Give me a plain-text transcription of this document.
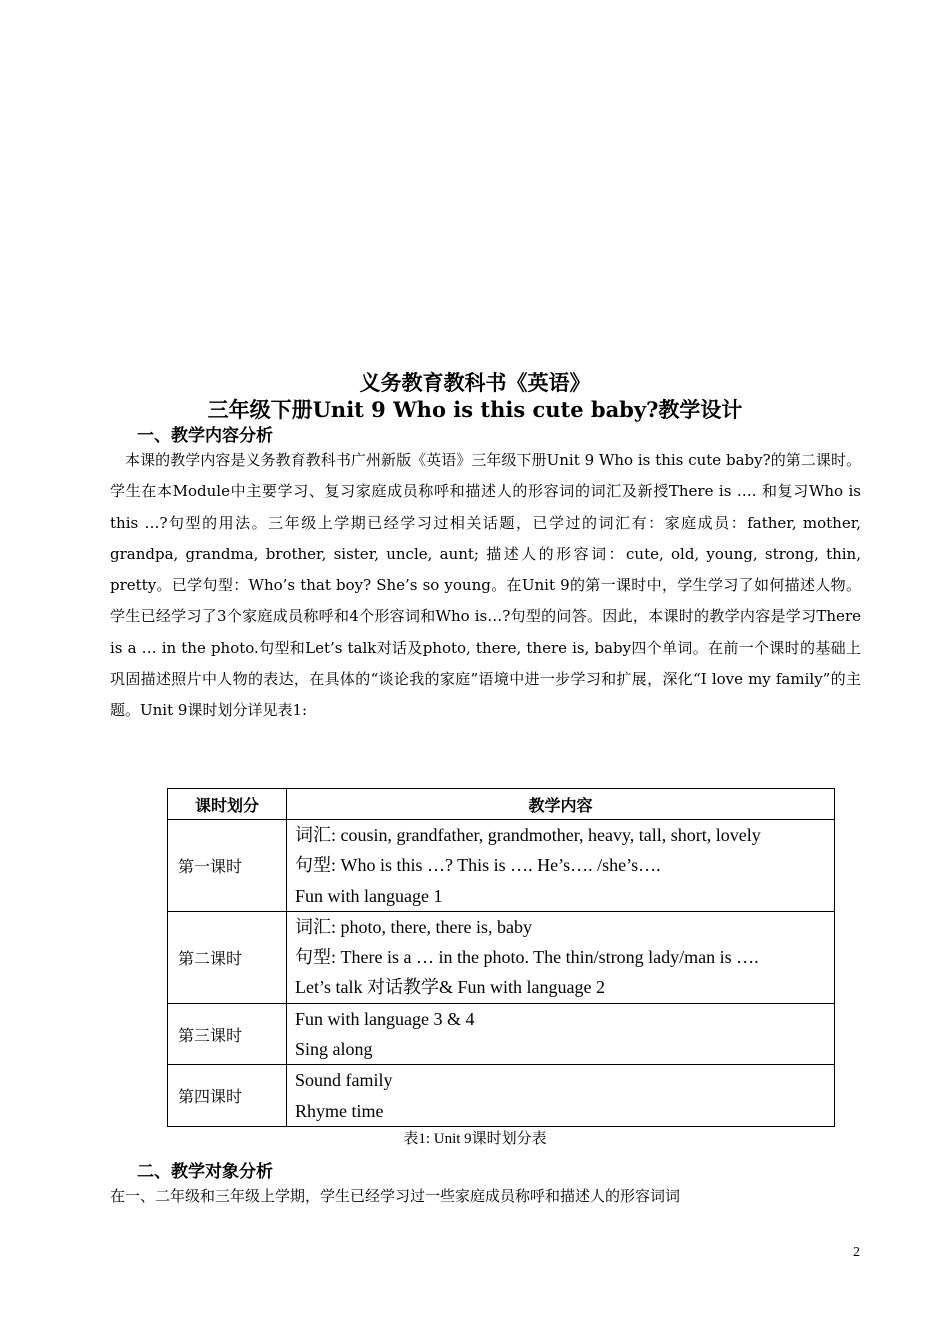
义务教育教科书《英语》
三年级下册Unit 9 Who is this cute baby?教学设计
一、教学内容分析

　本课的教学内容是义务教育教科书广州新版《英语》三年级下册Unit 9 Who is this cute baby?的第二课时。学生在本Module中主要学习、复习家庭成员称呼和描述人的形容词的词汇及新授There is …. 和复习Who is this …?句型的用法。三年级上学期已经学习过相关话题，已学过的词汇有：家庭成员：father, mother, grandpa, grandma, brother, sister, uncle, aunt; 描述人的形容词：cute, old, young, strong, thin, pretty。已学句型：Who’s that boy? She’s so young。在Unit 9的第一课时中，学生学习了如何描述人物。学生已经学习了3个家庭成员称呼和4个形容词和Who is…?句型的问答。因此，本课时的教学内容是学习There is a … in the photo.句型和Let’s talk对话及photo, there, there is, baby四个单词。在前一个课时的基础上巩固描述照片中人物的表达，在具体的“谈论我的家庭”语境中进一步学习和扩展，深化“I love my family”的主题。Unit 9课时划分详见表1:

课时划分	教学内容
第一课时	词汇: cousin, grandfather, grandmother, heavy, tall, short, lovely
句型: Who is this …? This is …. He’s…. /she’s….
Fun with language 1

第二课时	词汇: photo, there, there is, baby
句型: There is a … in the photo. The thin/strong lady/man is ….
Let’s talk 对话教学& Fun with language 2

第三课时	Fun with language 3 & 4
Sing along

第四课时	Sound family
Rhyme time
表1: Unit 9课时划分表
二、教学对象分析

在一、二年级和三年级上学期，学生已经学习过一些家庭成员称呼和描述人的形容词词

2
